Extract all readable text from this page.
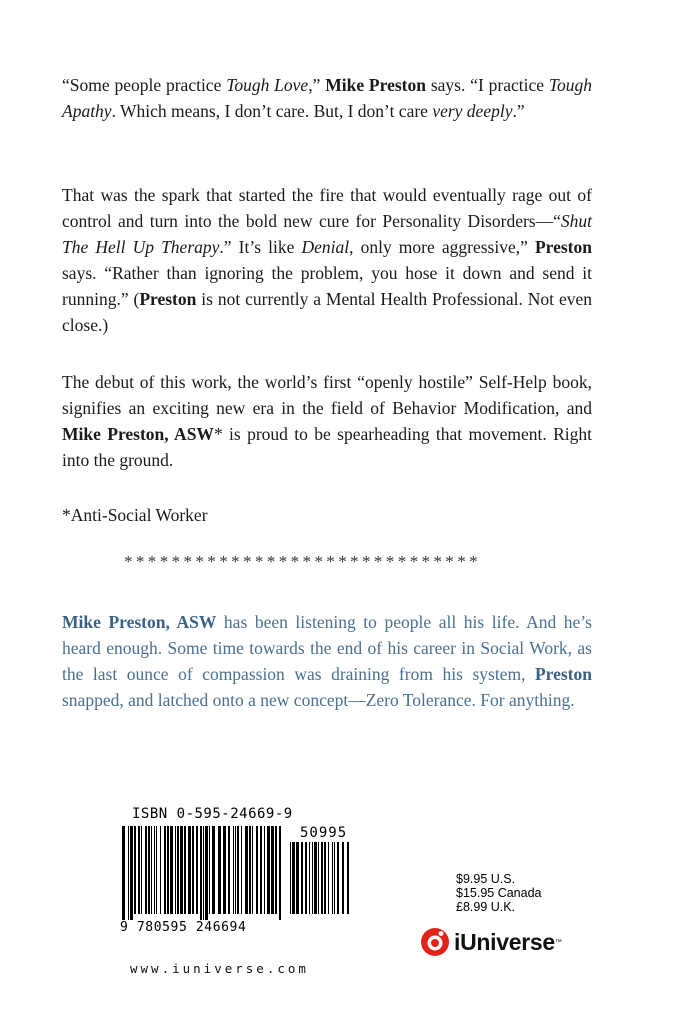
“Some people practice Tough Love,” Mike Preston says. “I practice Tough Apathy. Which means, I don’t care. But, I don’t care very deeply.”

That was the spark that started the fire that would eventually rage out of control and turn into the bold new cure for Personality Disorders—“Shut The Hell Up Therapy.” It’s like Denial, only more aggressive,” Preston says. “Rather than ignoring the problem, you hose it down and send it running.” (Preston is not currently a Mental Health Professional. Not even close.)

The debut of this work, the world’s first “openly hostile” Self-Help book, signifies an exciting new era in the field of Behavior Modification, and Mike Preston, ASW* is proud to be spearheading that movement. Right into the ground.

*Anti-Social Worker
******************************

Mike Preston, ASW has been listening to people all his life. And he’s heard enough. Some time towards the end of his career in Social Work, as the last ounce of compassion was draining from his system, Preston snapped, and latched onto a new concept—Zero Tolerance. For anything.

ISBN 0-595-24669-9
50995
9 780595 246694
$9.95 U.S.
$15.95 Canada
£8.99 U.K.
iUniverse ™
www.iuniverse.com
